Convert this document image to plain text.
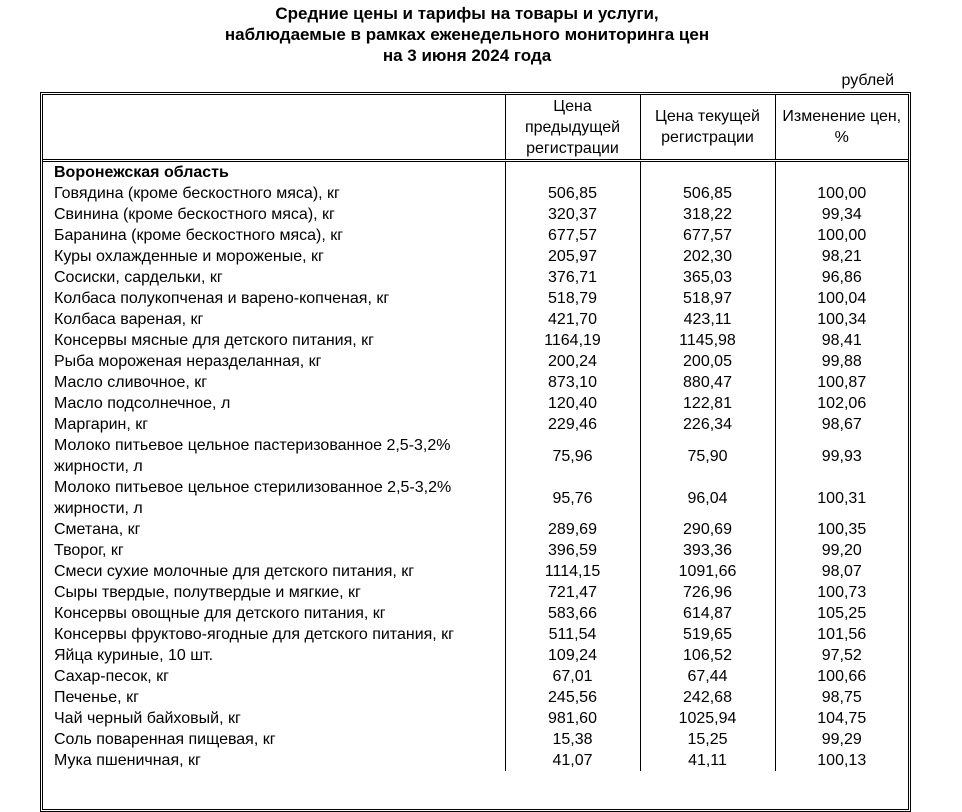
Средние цены и тарифы на товары и услуги,
наблюдаемые в рамках еженедельного мониторинга цен
на 3 июня 2024 года
рублей
	Цена предыдущей регистрации	Цена текущей регистрации	Изменение цен, %
Воронежская область			
Говядина (кроме бескостного мяса), кг	506,85	506,85	100,00
Свинина (кроме бескостного мяса), кг	320,37	318,22	99,34
Баранина (кроме бескостного мяса), кг	677,57	677,57	100,00
Куры охлажденные и мороженые, кг	205,97	202,30	98,21
Сосиски, сардельки, кг	376,71	365,03	96,86
Колбаса полукопченая и варено-копченая, кг	518,79	518,97	100,04
Колбаса вареная, кг	421,70	423,11	100,34
Консервы мясные для детского питания, кг	1164,19	1145,98	98,41
Рыба мороженая неразделанная, кг	200,24	200,05	99,88
Масло сливочное, кг	873,10	880,47	100,87
Масло подсолнечное, л	120,40	122,81	102,06
Маргарин, кг	229,46	226,34	98,67
Молоко питьевое цельное пастеризованное 2,5-3,2% жирности, л	75,96	75,90	99,93
Молоко питьевое цельное стерилизованное 2,5-3,2% жирности, л	95,76	96,04	100,31
Сметана, кг	289,69	290,69	100,35
Творог, кг	396,59	393,36	99,20
Смеси сухие молочные для детского питания, кг	1114,15	1091,66	98,07
Сыры твердые, полутвердые и мягкие, кг	721,47	726,96	100,73
Консервы овощные для детского питания, кг	583,66	614,87	105,25
Консервы фруктово-ягодные для детского питания, кг	511,54	519,65	101,56
Яйца куриные, 10 шт.	109,24	106,52	97,52
Сахар-песок, кг	67,01	67,44	100,66
Печенье, кг	245,56	242,68	98,75
Чай черный байховый, кг	981,60	1025,94	104,75
Соль поваренная пищевая, кг	15,38	15,25	99,29
Мука пшеничная, кг	41,07	41,11	100,13
